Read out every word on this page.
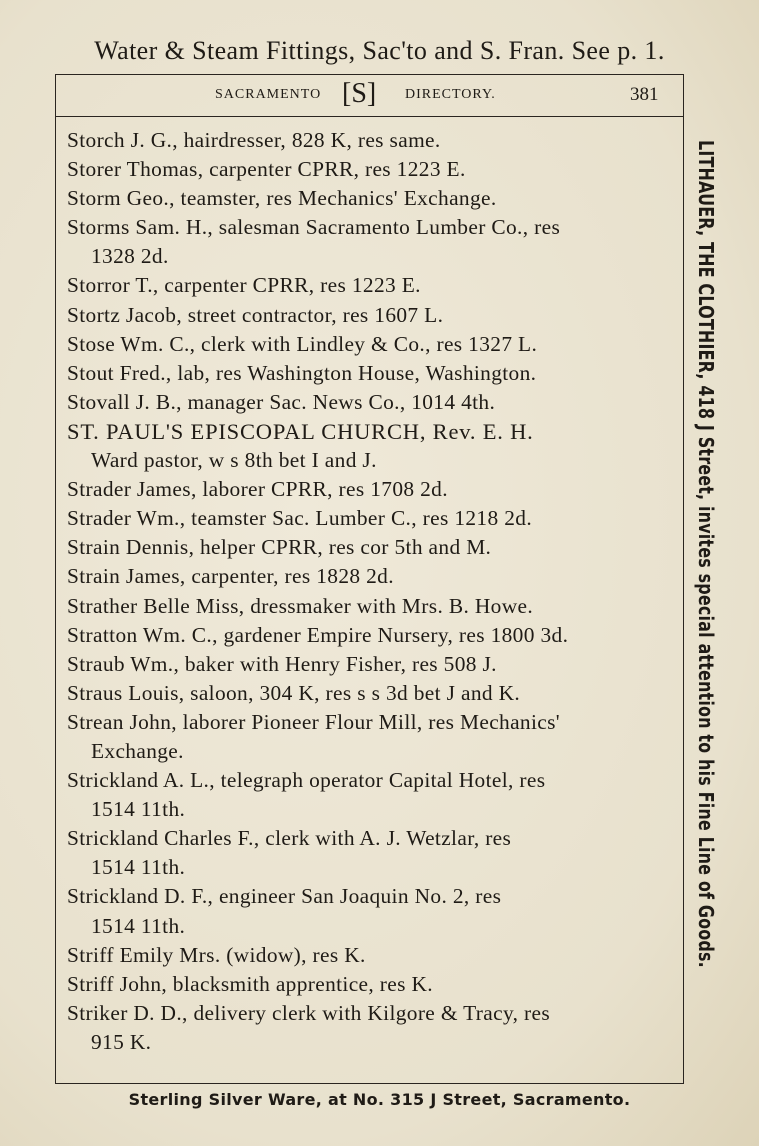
Water & Steam Fittings, Sac'to and S. Fran. See p. 1.
SACRAMENTO [S] DIRECTORY.	381
Storch J. G., hairdresser, 828 K, res same.
Storer Thomas, carpenter CPRR, res 1223 E.
Storm Geo., teamster, res Mechanics' Exchange.
Storms Sam. H., salesman Sacramento Lumber Co., res
1328 2d.
Storror T., carpenter CPRR, res 1223 E.
Stortz Jacob, street contractor, res 1607 L.
Stose Wm. C., clerk with Lindley & Co., res 1327 L.
Stout Fred., lab, res Washington House, Washington.
Stovall J. B., manager Sac. News Co., 1014 4th.
ST. PAUL'S EPISCOPAL CHURCH, Rev. E. H.
Ward pastor, w s 8th bet I and J.
Strader James, laborer CPRR, res 1708 2d.
Strader Wm., teamster Sac. Lumber C., res 1218 2d.
Strain Dennis, helper CPRR, res cor 5th and M.
Strain James, carpenter, res 1828 2d.
Strather Belle Miss, dressmaker with Mrs. B. Howe.
Stratton Wm. C., gardener Empire Nursery, res 1800 3d.
Straub Wm., baker with Henry Fisher, res 508 J.
Straus Louis, saloon, 304 K, res s s 3d bet J and K.
Strean John, laborer Pioneer Flour Mill, res Mechanics'
Exchange.
Strickland A. L., telegraph operator Capital Hotel, res
1514 11th.
Strickland Charles F., clerk with A. J. Wetzlar, res
1514 11th.
Strickland D. F., engineer San Joaquin No. 2, res
1514 11th.
Striff Emily Mrs. (widow), res K.
Striff John, blacksmith apprentice, res K.
Striker D. D., delivery clerk with Kilgore & Tracy, res
915 K.
LITHAUER, THE CLOTHIER, 418 J Street, invites special attention to his Fine Line of Goods.
Sterling Silver Ware, at No. 315 J Street, Sacramento.
